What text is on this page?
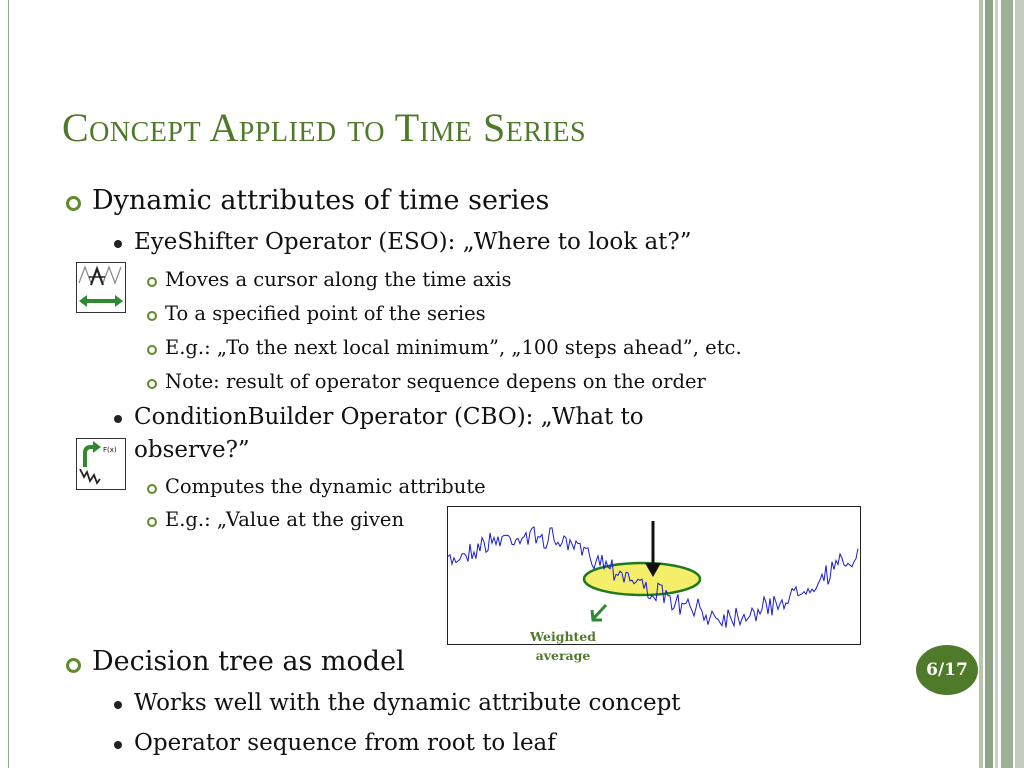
Concept Applied to Time Series
Dynamic attributes of time series
EyeShifter Operator (ESO): „Where to look at?”
Moves a cursor along the time axis
To a specified point of the series
E.g.: „To the next local minimum”, „100 steps ahead”, etc.
Note: result of operator sequence depens on the order
ConditionBuilder Operator (CBO): „What to
observe?”
F(x)
Computes the dynamic attribute
E.g.: „Value at the given
Weighted
average
Decision tree as model
Works well with the dynamic attribute concept
Operator sequence from root to leaf
6/17
